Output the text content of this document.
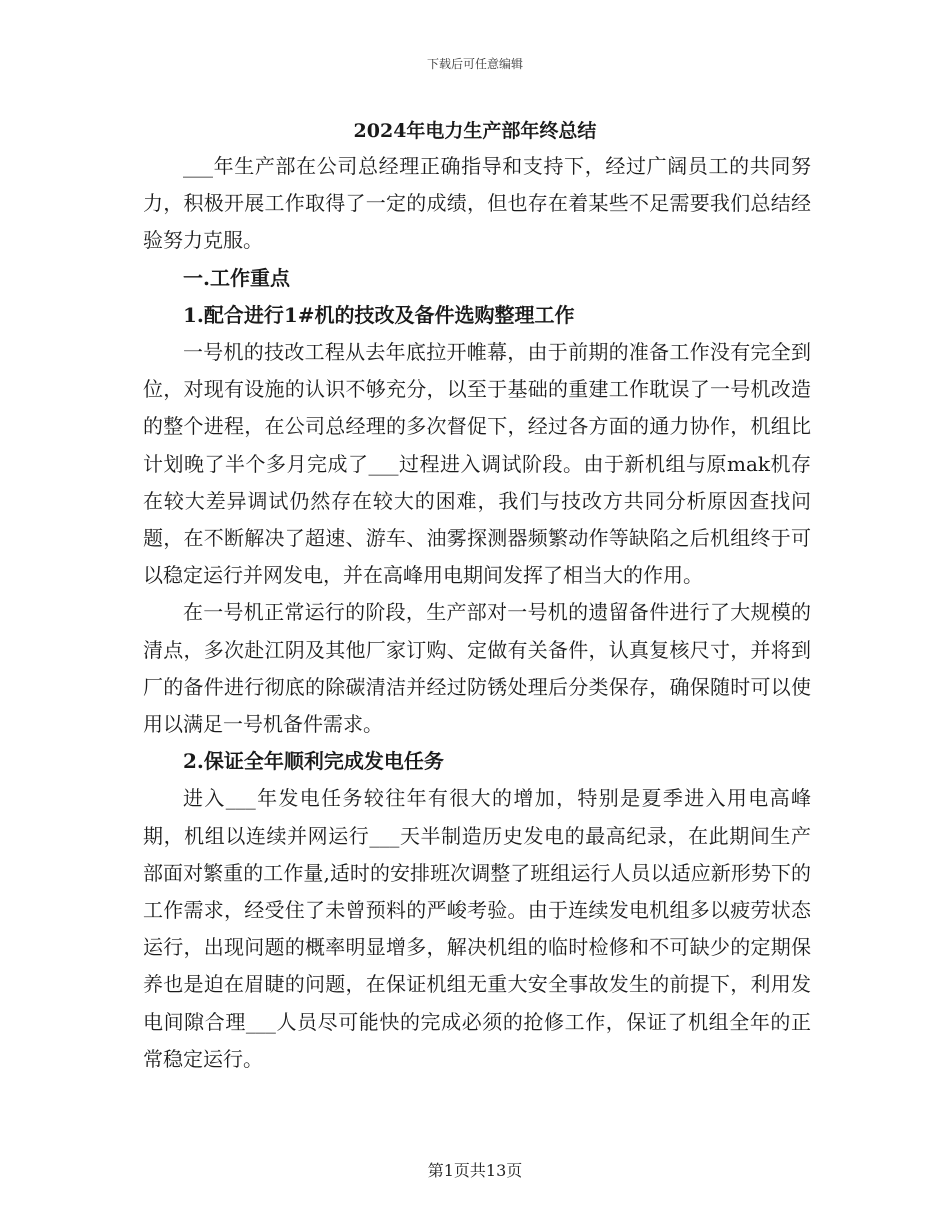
下载后可任意编辑
2024年电力生产部年终总结

___年生产部在公司总经理正确指导和支持下，经过广阔员工的共同努力，积极开展工作取得了一定的成绩，但也存在着某些不足需要我们总结经验努力克服。

一.工作重点
1.配合进行1#机的技改及备件选购整理工作

一号机的技改工程从去年底拉开帷幕，由于前期的准备工作没有完全到位，对现有设施的认识不够充分，以至于基础的重建工作耽误了一号机改造的整个进程，在公司总经理的多次督促下，经过各方面的通力协作，机组比计划晚了半个多月完成了___过程进入调试阶段。由于新机组与原mak机存在较大差异调试仍然存在较大的困难，我们与技改方共同分析原因查找问题，在不断解决了超速、游车、油雾探测器频繁动作等缺陷之后机组终于可以稳定运行并网发电，并在高峰用电期间发挥了相当大的作用。

在一号机正常运行的阶段，生产部对一号机的遗留备件进行了大规模的清点，多次赴江阴及其他厂家订购、定做有关备件，认真复核尺寸，并将到厂的备件进行彻底的除碳清洁并经过防锈处理后分类保存，确保随时可以使用以满足一号机备件需求。

2.保证全年顺利完成发电任务

进入___年发电任务较往年有很大的增加，特别是夏季进入用电高峰期，机组以连续并网运行___天半制造历史发电的最高纪录，在此期间生产部面对繁重的工作量,适时的安排班次调整了班组运行人员以适应新形势下的工作需求，经受住了未曾预料的严峻考验。由于连续发电机组多以疲劳状态运行，出现问题的概率明显增多，解决机组的临时检修和不可缺少的定期保养也是迫在眉睫的问题，在保证机组无重大安全事故发生的前提下，利用发电间隙合理___人员尽可能快的完成必须的抢修工作，保证了机组全年的正常稳定运行。

第1页共13页
